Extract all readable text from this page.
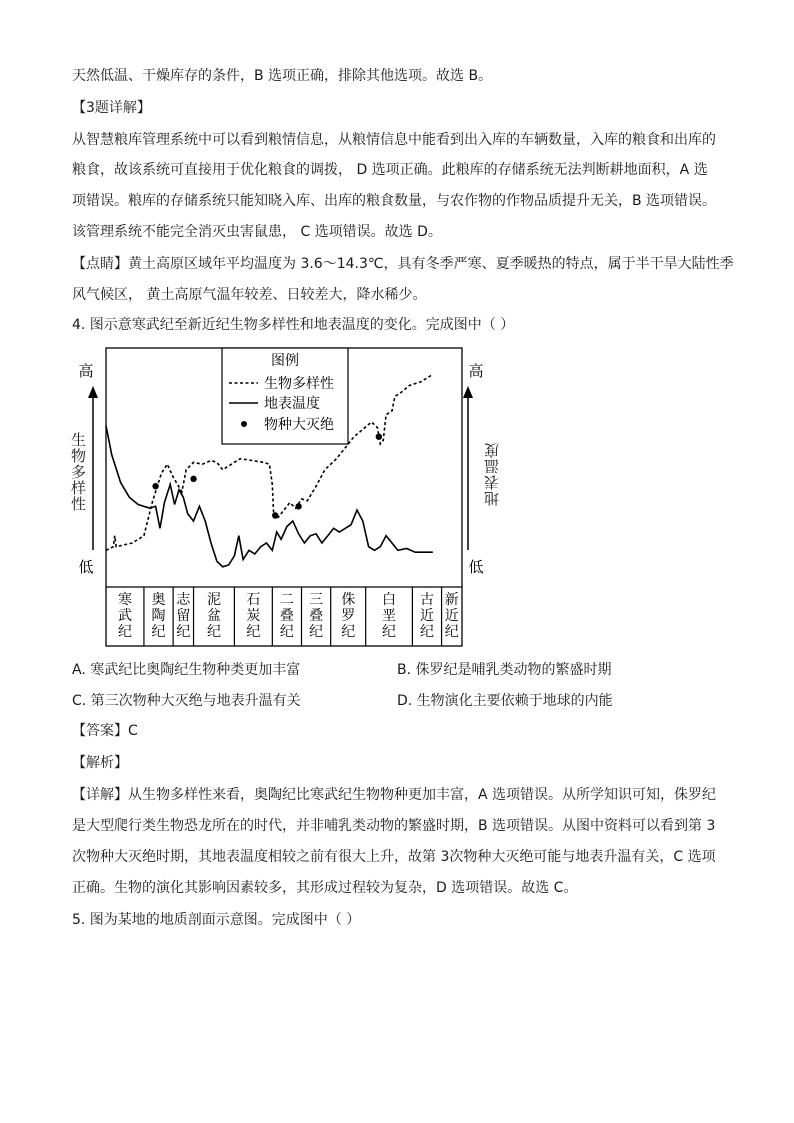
天然低温、干燥库存的条件，B 选项正确，排除其他选项。故选 B。
【3题详解】
从智慧粮库管理系统中可以看到粮情信息，从粮情信息中能看到出入库的车辆数量，入库的粮食和出库的
粮食，故该系统可直接用于优化粮食的调拨， D 选项正确。此粮库的存储系统无法判断耕地面积，A 选
项错误。粮库的存储系统只能知晓入库、出库的粮食数量，与农作物的作物品质提升无关，B 选项错误。
该管理系统不能完全消灭虫害鼠患， C 选项错误。故选 D。
【点睛】黄土高原区域年平均温度为 3.6～14.3℃，具有冬季严寒、夏季暖热的特点，属于半干旱大陆性季
风气候区， 黄土高原气温年较差、日较差大，降水稀少。
4. 图示意寒武纪至新近纪生物多样性和地表温度的变化。完成图中（ ）
高
低
高
低
寒武纪
奥陶纪
志留纪
泥盆纪
石炭纪
二叠纪
三叠纪
侏罗纪
白垩纪
古近纪
新近纪
图例
生物多样性
地表温度
物种大灭绝
生物多样性	地表温度
A. 寒武纪比奥陶纪生物种类更加丰富	B. 侏罗纪是哺乳类动物的繁盛时期
C. 第三次物种大灭绝与地表升温有关	D. 生物演化主要依赖于地球的内能
【答案】C
【解析】
【详解】从生物多样性来看，奥陶纪比寒武纪生物物种更加丰富，A 选项错误。从所学知识可知，侏罗纪
是大型爬行类生物恐龙所在的时代，并非哺乳类动物的繁盛时期，B 选项错误。从图中资料可以看到第 3
次物种大灭绝时期，其地表温度相较之前有很大上升，故第 3次物种大灭绝可能与地表升温有关，C 选项
正确。生物的演化其影响因素较多，其形成过程较为复杂，D 选项错误。故选 C。
5. 图为某地的地质剖面示意图。完成图中（ ）
